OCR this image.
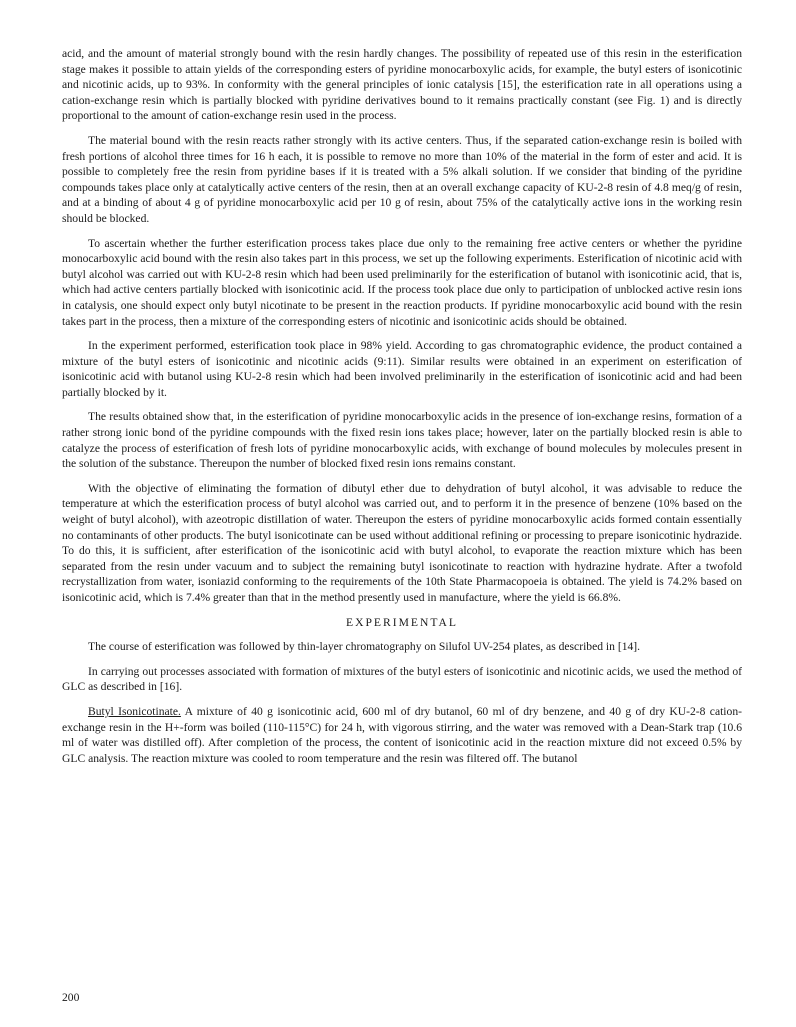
acid, and the amount of material strongly bound with the resin hardly changes. The possibility of repeated use of this resin in the esterification stage makes it possible to attain yields of the corresponding esters of pyridine monocarboxylic acids, for example, the butyl esters of isonicotinic and nicotinic acids, up to 93%. In conformity with the general principles of ionic catalysis [15], the esterification rate in all operations using a cation-exchange resin which is partially blocked with pyridine derivatives bound to it remains practically constant (see Fig. 1) and is directly proportional to the amount of cation-exchange resin used in the process.

The material bound with the resin reacts rather strongly with its active centers. Thus, if the separated cation-exchange resin is boiled with fresh portions of alcohol three times for 16 h each, it is possible to remove no more than 10% of the material in the form of ester and acid. It is possible to completely free the resin from pyridine bases if it is treated with a 5% alkali solution. If we consider that binding of the pyridine compounds takes place only at catalytically active centers of the resin, then at an overall exchange capacity of KU-2-8 resin of 4.8 meq/g of resin, and at a binding of about 4 g of pyridine monocarboxylic acid per 10 g of resin, about 75% of the catalytically active ions in the working resin should be blocked.

To ascertain whether the further esterification process takes place due only to the remaining free active centers or whether the pyridine monocarboxylic acid bound with the resin also takes part in this process, we set up the following experiments. Esterification of nicotinic acid with butyl alcohol was carried out with KU-2-8 resin which had been used preliminarily for the esterification of butanol with isonicotinic acid, that is, which had active centers partially blocked with isonicotinic acid. If the process took place due only to participation of unblocked active resin ions in catalysis, one should expect only butyl nicotinate to be present in the reaction products. If pyridine monocarboxylic acid bound with the resin takes part in the process, then a mixture of the corresponding esters of nicotinic and isonicotinic acids should be obtained.

In the experiment performed, esterification took place in 98% yield. According to gas chromatographic evidence, the product contained a mixture of the butyl esters of isonicotinic and nicotinic acids (9:11). Similar results were obtained in an experiment on esterification of isonicotinic acid with butanol using KU-2-8 resin which had been involved preliminarily in the esterification of isonicotinic acid and had been partially blocked by it.

The results obtained show that, in the esterification of pyridine monocarboxylic acids in the presence of ion-exchange resins, formation of a rather strong ionic bond of the pyridine compounds with the fixed resin ions takes place; however, later on the partially blocked resin is able to catalyze the process of esterification of fresh lots of pyridine monocarboxylic acids, with exchange of bound molecules by molecules present in the solution of the substance. Thereupon the number of blocked fixed resin ions remains constant.

With the objective of eliminating the formation of dibutyl ether due to dehydration of butyl alcohol, it was advisable to reduce the temperature at which the esterification process of butyl alcohol was carried out, and to perform it in the presence of benzene (10% based on the weight of butyl alcohol), with azeotropic distillation of water. Thereupon the esters of pyridine monocarboxylic acids formed contain essentially no contaminants of other products. The butyl isonicotinate can be used without additional refining or processing to prepare isonicotinic hydrazide. To do this, it is sufficient, after esterification of the isonicotinic acid with butyl alcohol, to evaporate the reaction mixture which has been separated from the resin under vacuum and to subject the remaining butyl isonicotinate to reaction with hydrazine hydrate. After a twofold recrystallization from water, isoniazid conforming to the requirements of the 10th State Pharmacopoeia is obtained. The yield is 74.2% based on isonicotinic acid, which is 7.4% greater than that in the method presently used in manufacture, where the yield is 66.8%.

EXPERIMENTAL

The course of esterification was followed by thin-layer chromatography on Silufol UV-254 plates, as described in [14].

In carrying out processes associated with formation of mixtures of the butyl esters of isonicotinic and nicotinic acids, we used the method of GLC as described in [16].

Butyl Isonicotinate. A mixture of 40 g isonicotinic acid, 600 ml of dry butanol, 60 ml of dry benzene, and 40 g of dry KU-2-8 cation-exchange resin in the H+-form was boiled (110-115°C) for 24 h, with vigorous stirring, and the water was removed with a Dean-Stark trap (10.6 ml of water was distilled off). After completion of the process, the content of isonicotinic acid in the reaction mixture did not exceed 0.5% by GLC analysis. The reaction mixture was cooled to room temperature and the resin was filtered off. The butanol

200
